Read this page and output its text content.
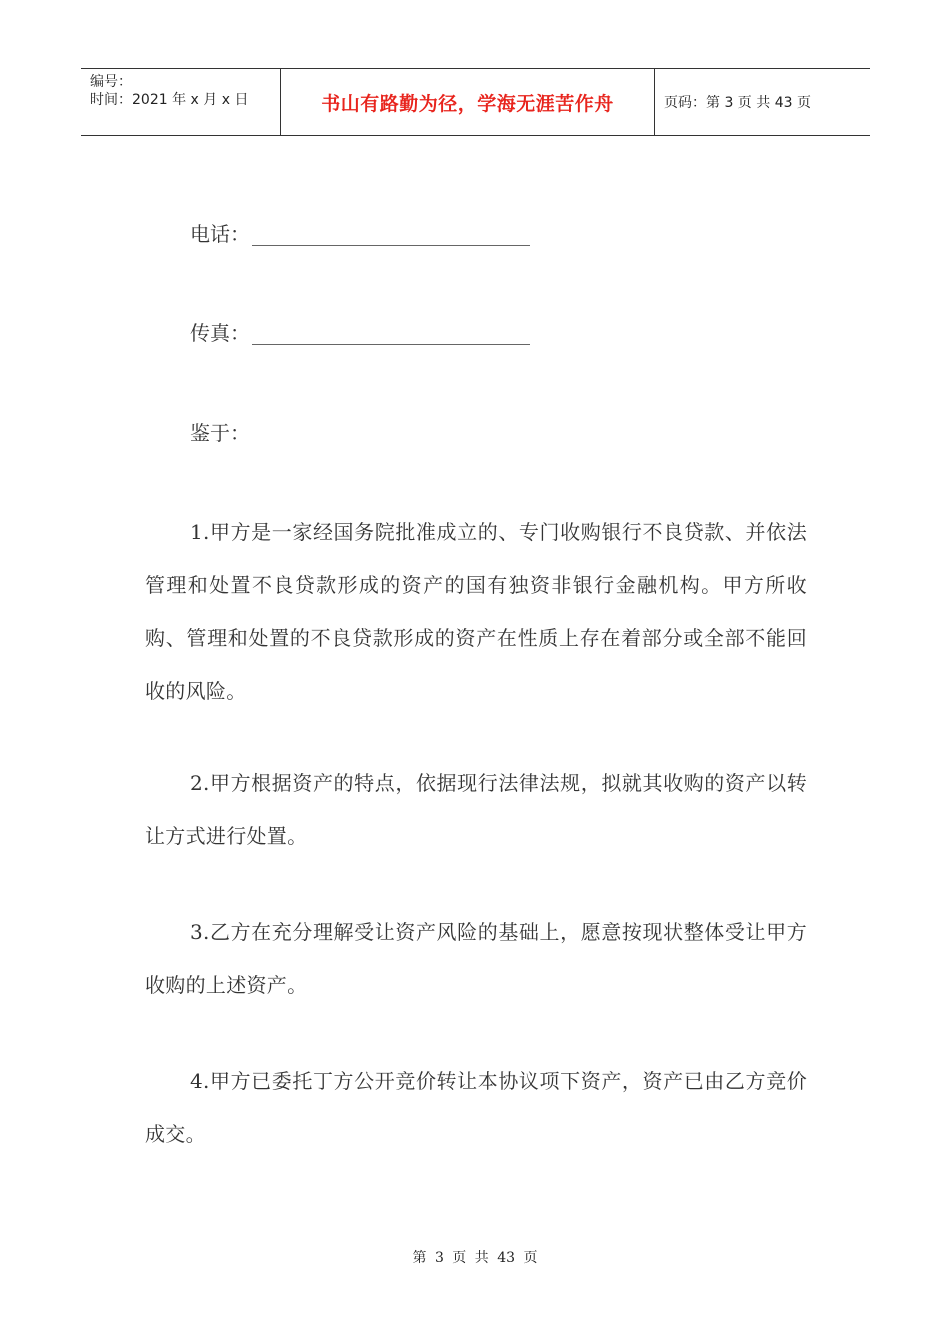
编号：
时间：2021 年 x 月 x 日	书山有路勤为径，学海无涯苦作舟	页码：第 3 页 共 43 页
电话：
传真：
鉴于：
1.甲方是一家经国务院批准成立的、专门收购银行不良贷款、并依法管理和处置不良贷款形成的资产的国有独资非银行金融机构。甲方所收购、管理和处置的不良贷款形成的资产在性质上存在着部分或全部不能回收的风险。
2.甲方根据资产的特点，依据现行法律法规，拟就其收购的资产以转让方式进行处置。
3.乙方在充分理解受让资产风险的基础上，愿意按现状整体受让甲方收购的上述资产。
4.甲方已委托丁方公开竞价转让本协议项下资产，资产已由乙方竞价成交。
第 3 页 共 43 页
